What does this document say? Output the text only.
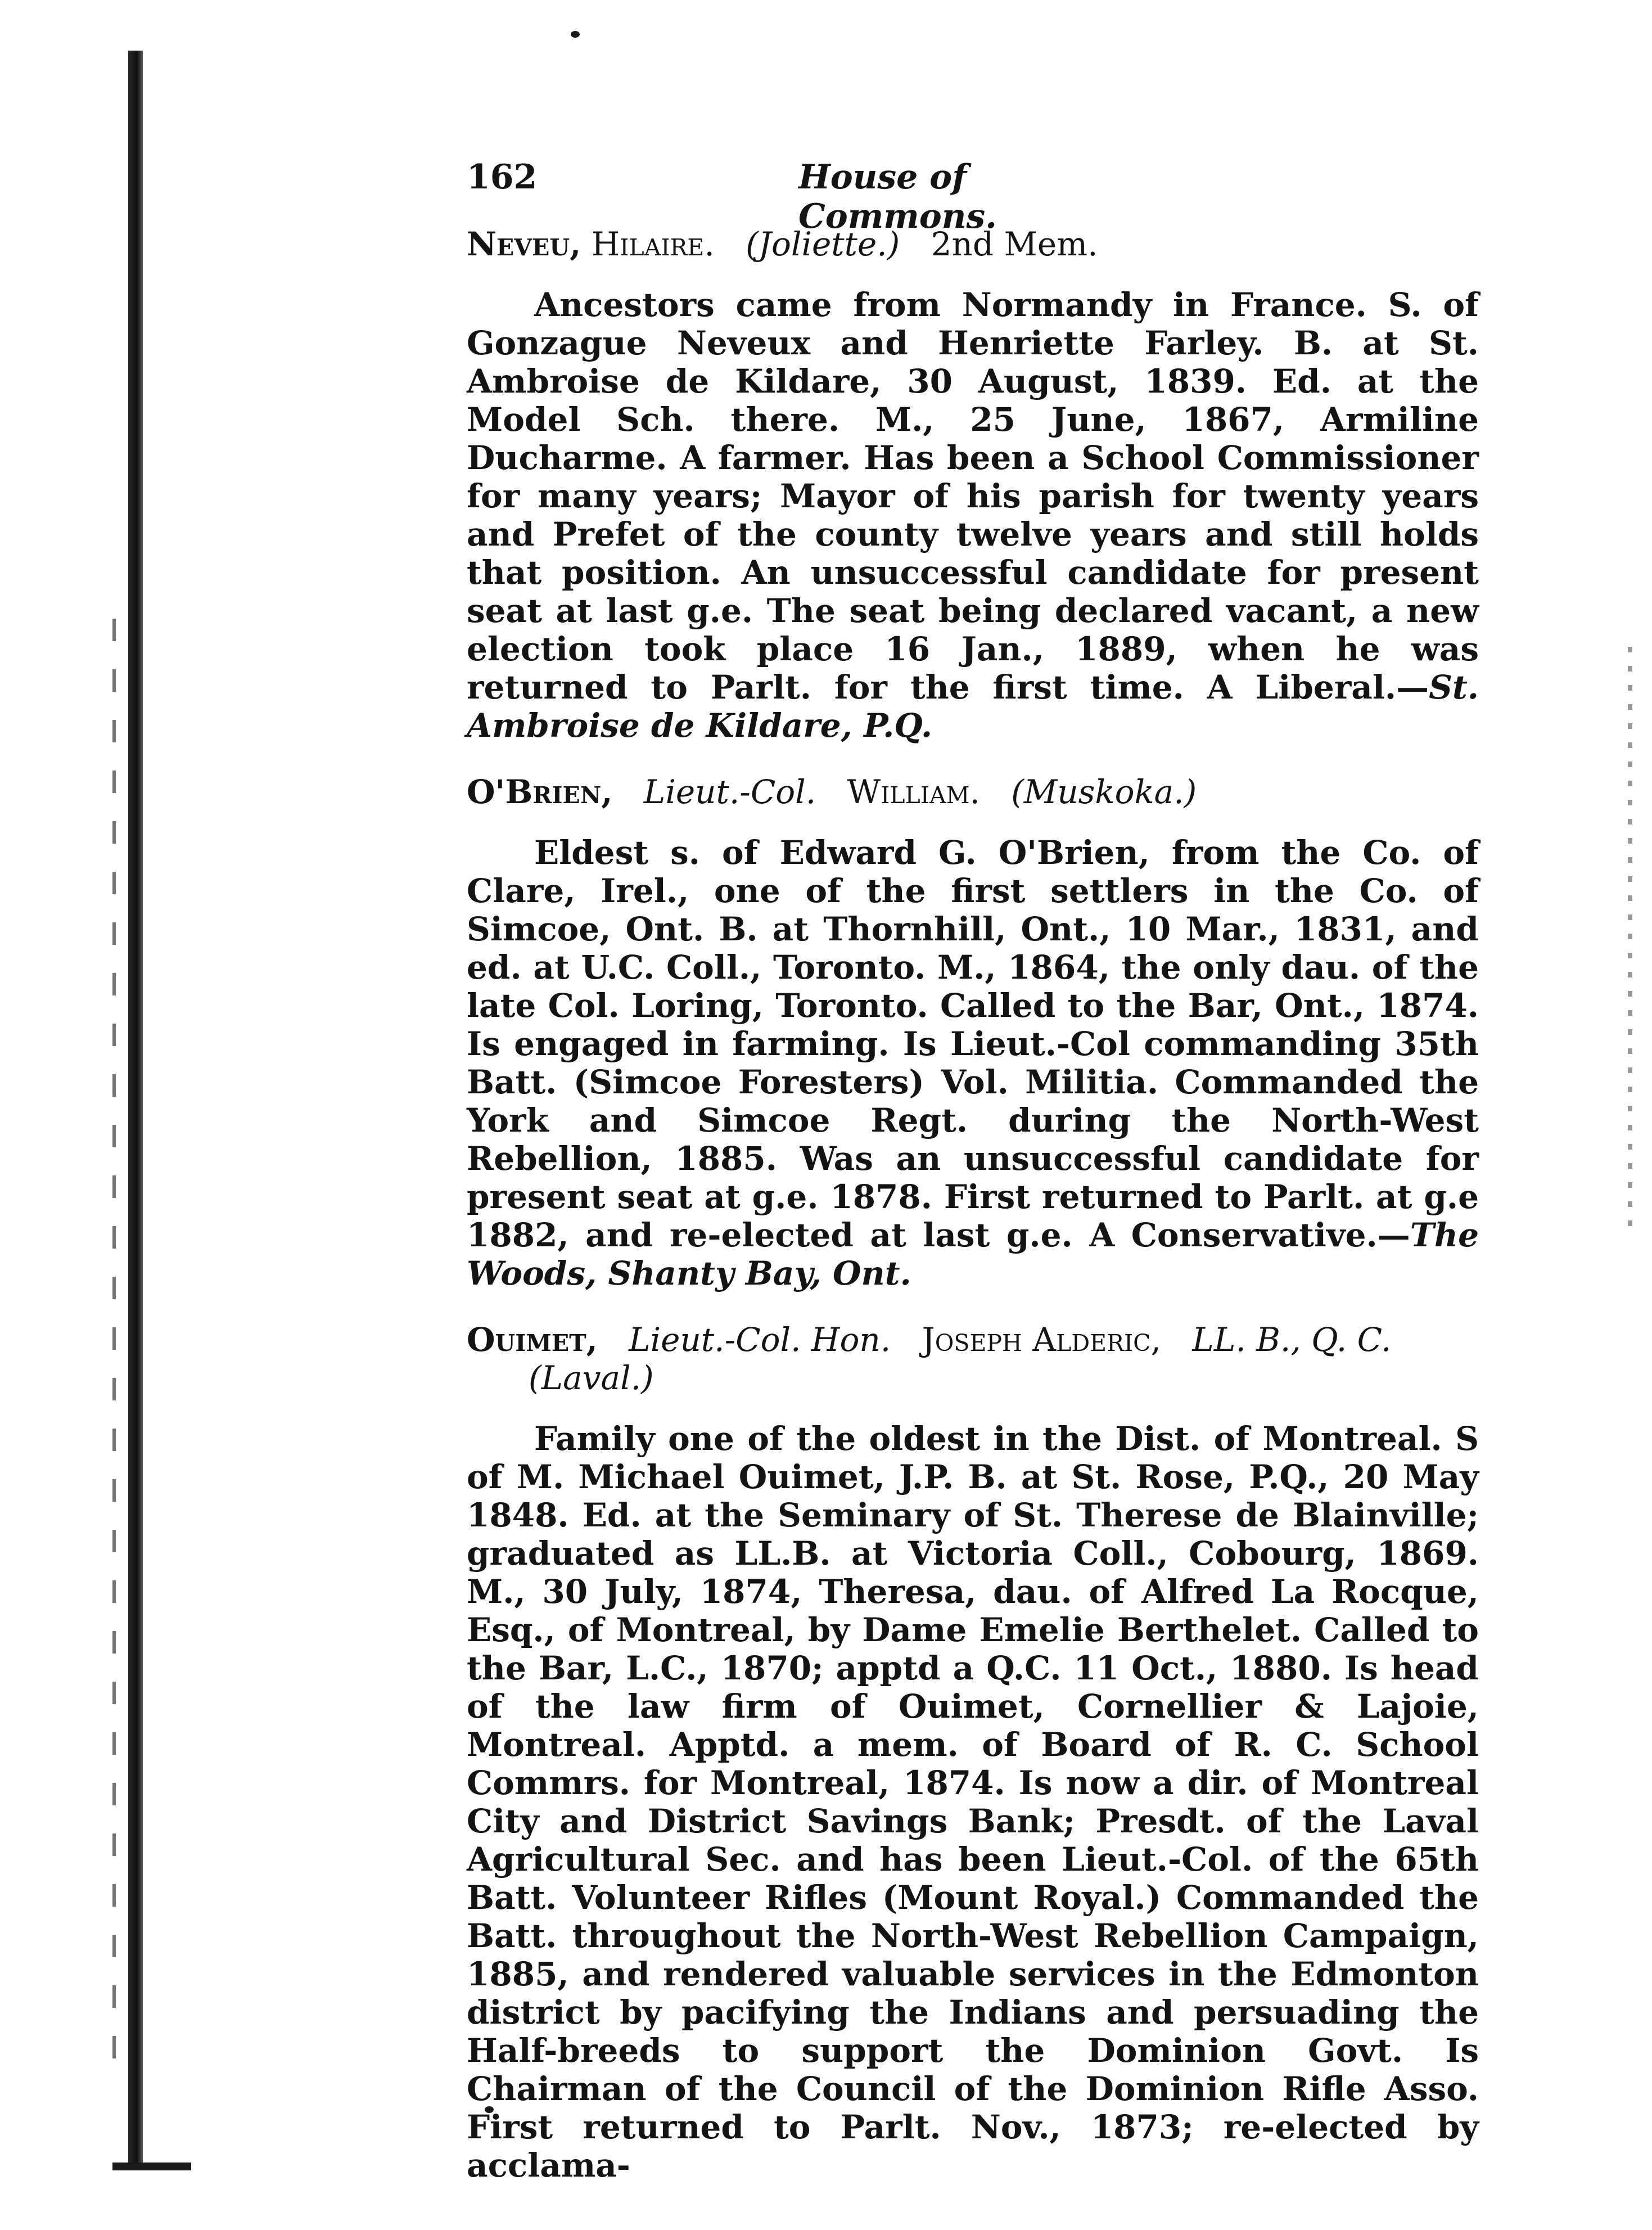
162	House of Commons.
Neveu, Hilaire. (Joliette.) 2nd Mem.

Ancestors came from Normandy in France. S. of Gonzague Neveux and Henriette Farley. B. at St. Ambroise de Kildare, 30 August, 1839. Ed. at the Model Sch. there. M., 25 June, 1867, Armiline Ducharme. A farmer. Has been a School Commissioner for many years; Mayor of his parish for twenty years and Prefet of the county twelve years and still holds that position. An unsuccessful candidate for present seat at last g.e. The seat being declared vacant, a new election took place 16 Jan., 1889, when he was returned to Parlt. for the first time. A Liberal.—St. Ambroise de Kildare, P.Q.

O'Brien, Lieut.-Col. William. (Muskoka.)

Eldest s. of Edward G. O'Brien, from the Co. of Clare, Irel., one of the first settlers in the Co. of Simcoe, Ont. B. at Thornhill, Ont., 10 Mar., 1831, and ed. at U.C. Coll., Toronto. M., 1864, the only dau. of the late Col. Loring, Toronto. Called to the Bar, Ont., 1874. Is engaged in farming. Is Lieut.-Col commanding 35th Batt. (Simcoe Foresters) Vol. Militia. Commanded the York and Simcoe Regt. during the North-West Rebellion, 1885. Was an unsuccessful candidate for present seat at g.e. 1878. First returned to Parlt. at g.e 1882, and re-elected at last g.e. A Conservative.—The Woods, Shanty Bay, Ont.

Ouimet, Lieut.-Col. Hon. Joseph Alderic, LL. B., Q. C.
(Laval.)

Family one of the oldest in the Dist. of Montreal. S of M. Michael Ouimet, J.P. B. at St. Rose, P.Q., 20 May 1848. Ed. at the Seminary of St. Therese de Blainville; graduated as LL.B. at Victoria Coll., Cobourg, 1869. M., 30 July, 1874, Theresa, dau. of Alfred La Rocque, Esq., of Montreal, by Dame Emelie Berthelet. Called to the Bar, L.C., 1870; apptd a Q.C. 11 Oct., 1880. Is head of the law firm of Ouimet, Cornellier & Lajoie, Montreal. Apptd. a mem. of Board of R. C. School Commrs. for Montreal, 1874. Is now a dir. of Montreal City and District Savings Bank; Presdt. of the Laval Agricultural Sec. and has been Lieut.-Col. of the 65th Batt. Volunteer Rifles (Mount Royal.) Commanded the Batt. throughout the North-West Rebellion Campaign, 1885, and rendered valuable services in the Edmonton district by pacifying the Indians and persuading the Half-breeds to support the Dominion Govt. Is Chairman of the Council of the Dominion Rifle Asso. First returned to Parlt. Nov., 1873; re-elected by acclama-
